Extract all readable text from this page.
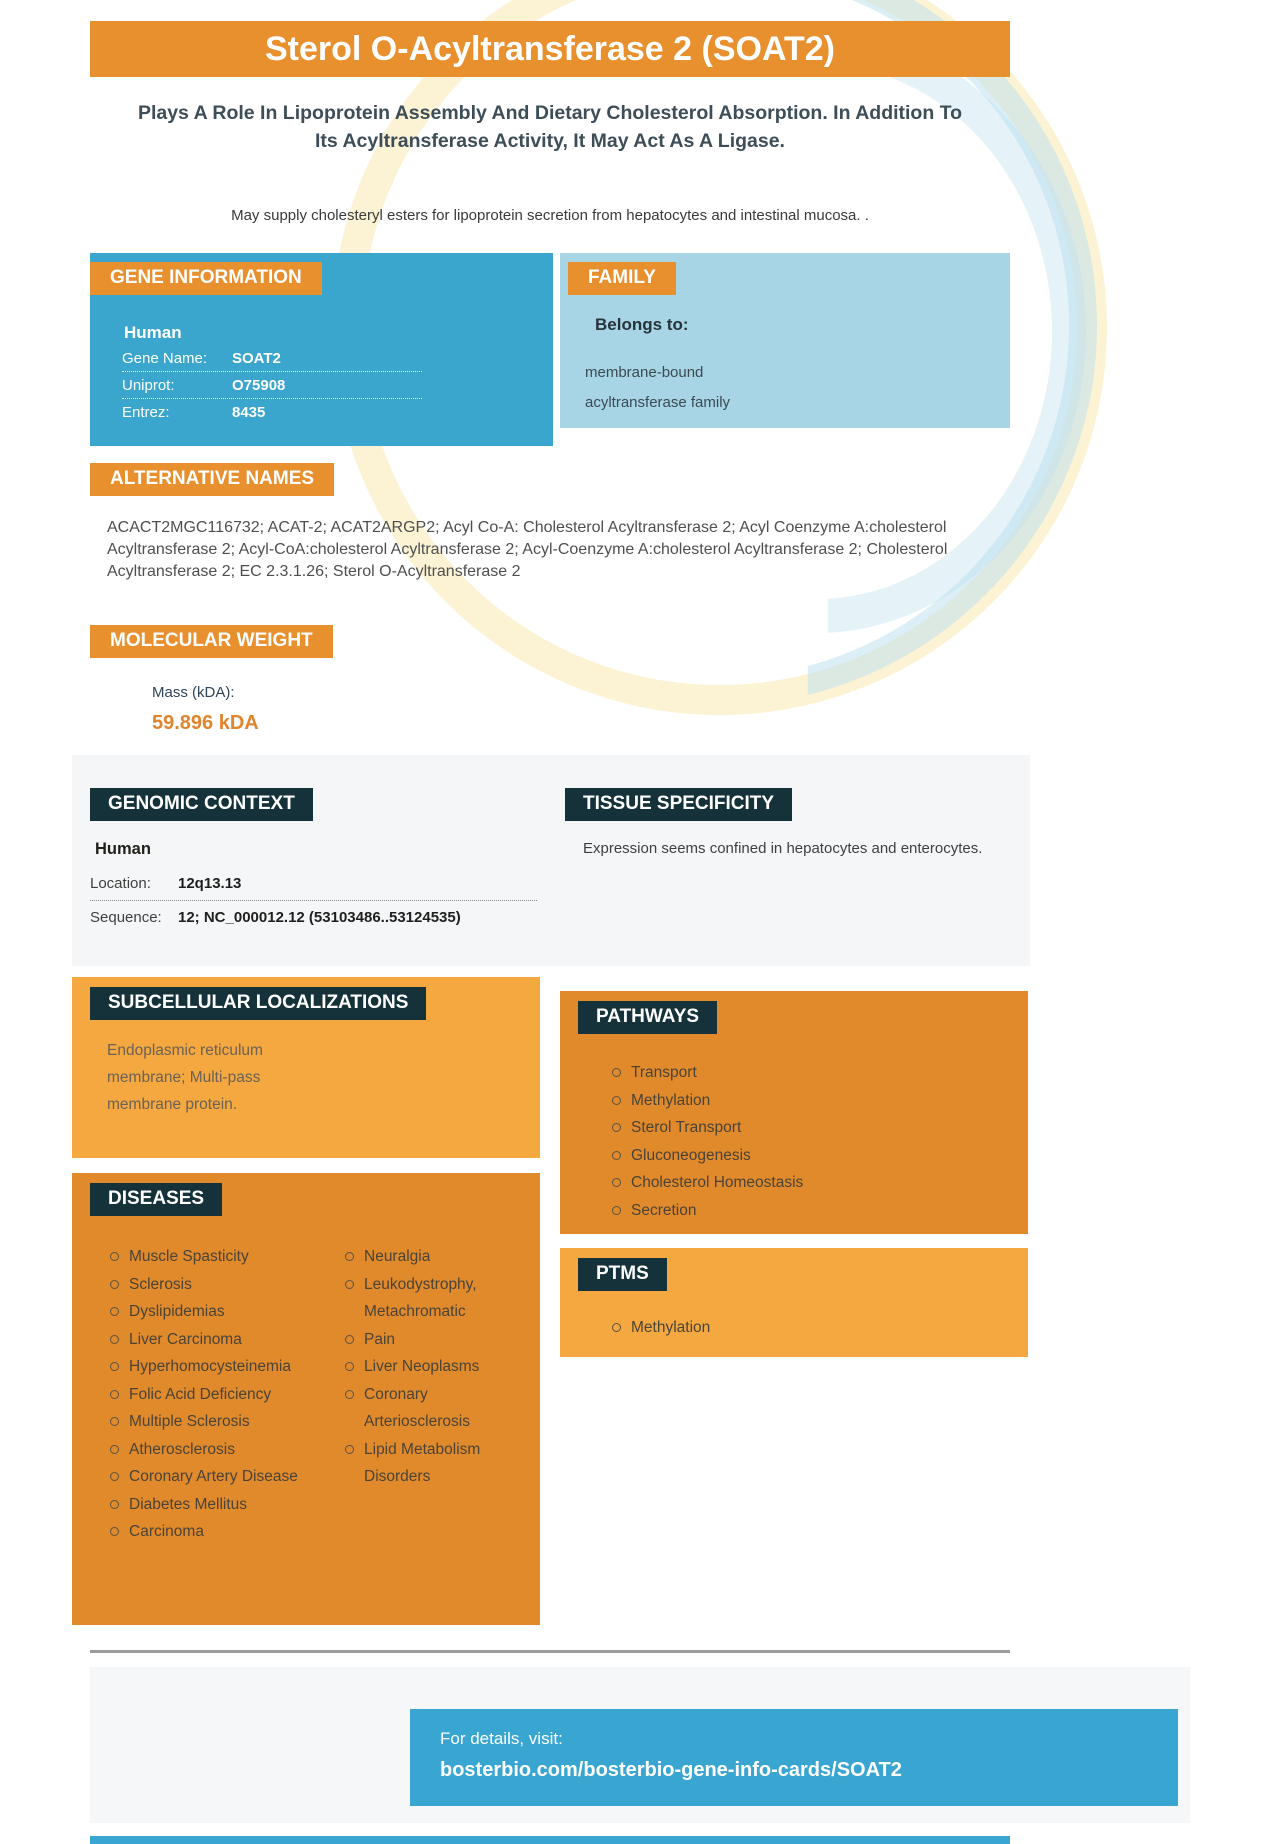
Sterol O-Acyltransferase 2 (SOAT2)
Plays A Role In Lipoprotein Assembly And Dietary Cholesterol Absorption. In Addition To Its Acyltransferase Activity, It May Act As A Ligase.
May supply cholesteryl esters for lipoprotein secretion from hepatocytes and intestinal mucosa. .
GENE INFORMATION
Human
Gene Name:	SOAT2
Uniprot:	O75908
Entrez:	8435
FAMILY
Belongs to:
membrane-bound acyltransferase family
ALTERNATIVE NAMES
ACACT2MGC116732; ACAT-2; ACAT2ARGP2; Acyl Co-A: Cholesterol Acyltransferase 2; Acyl Coenzyme A:cholesterol Acyltransferase 2; Acyl-CoA:cholesterol Acyltransferase 2; Acyl-Coenzyme A:cholesterol Acyltransferase 2; Cholesterol Acyltransferase 2; EC 2.3.1.26; Sterol O-Acyltransferase 2
MOLECULAR WEIGHT
Mass (kDA):
59.896 kDA
GENOMIC CONTEXT	TISSUE SPECIFICITY
Human
Location:	12q13.13
Sequence:	12; NC_000012.12 (53103486..53124535)
Expression seems confined in hepatocytes and enterocytes.
SUBCELLULAR LOCALIZATIONS
Endoplasmic reticulum membrane; Multi-pass membrane protein.
PATHWAYS
Transport
Methylation
Sterol Transport
Gluconeogenesis
Cholesterol Homeostasis
Secretion
DISEASES
Muscle Spasticity
Sclerosis
Dyslipidemias
Liver Carcinoma
Hyperhomocysteinemia
Folic Acid Deficiency
Multiple Sclerosis
Atherosclerosis
Coronary Artery Disease
Diabetes Mellitus
Carcinoma
Neuralgia
Leukodystrophy, Metachromatic
Pain
Liver Neoplasms
Coronary Arteriosclerosis
Lipid Metabolism Disorders
PTMS
Methylation
For details, visit:
bosterbio.com/bosterbio-gene-info-cards/SOAT2
